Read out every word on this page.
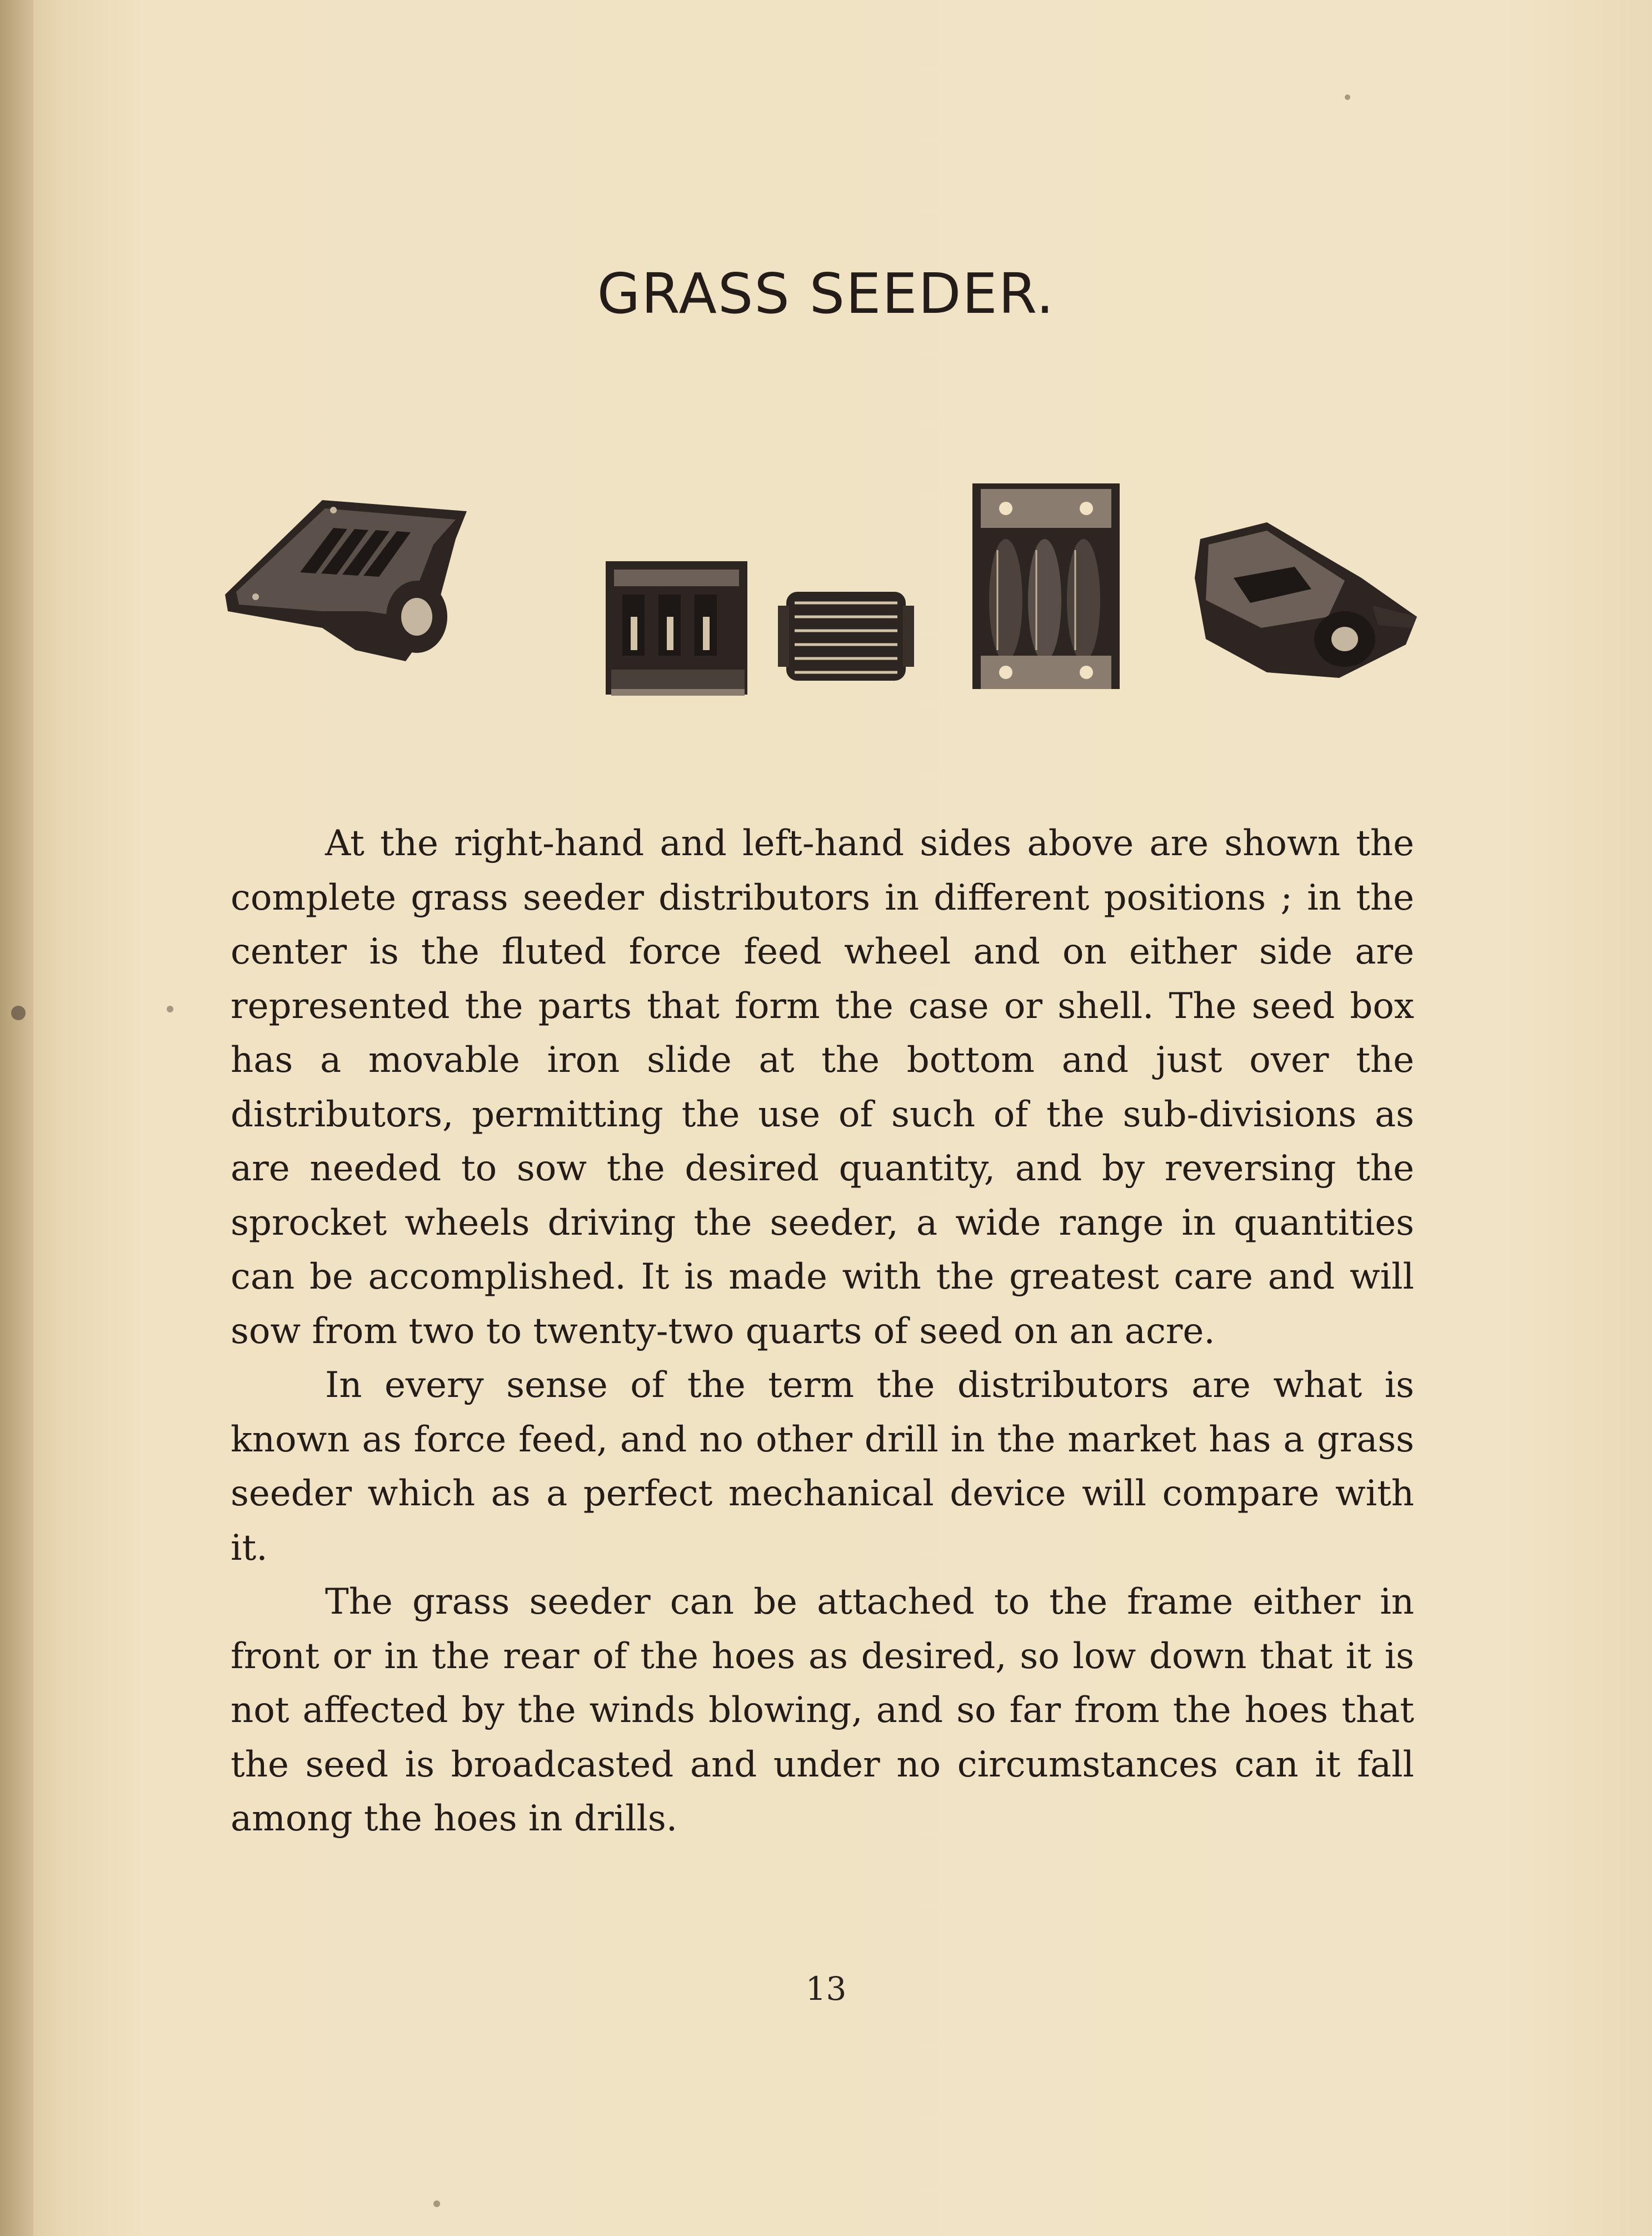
GRASS SEEDER.

At the right-hand and left-hand sides above are shown the complete grass seeder distributors in different positions ; in the center is the fluted force feed wheel and on either side are represented the parts that form the case or shell. The seed box has a movable iron slide at the bottom and just over the distributors, permitting the use of such of the sub-divisions as are needed to sow the desired quantity, and by reversing the sprocket wheels driving the seeder, a wide range in quantities can be accomplished. It is made with the greatest care and will sow from two to twenty-two quarts of seed on an acre.

In every sense of the term the distributors are what is known as force feed, and no other drill in the market has a grass seeder which as a perfect mechanical device will compare with it.

The grass seeder can be attached to the frame either in front or in the rear of the hoes as desired, so low down that it is not affected by the winds blowing, and so far from the hoes that the seed is broadcasted and under no circumstances can it fall among the hoes in drills.

13
